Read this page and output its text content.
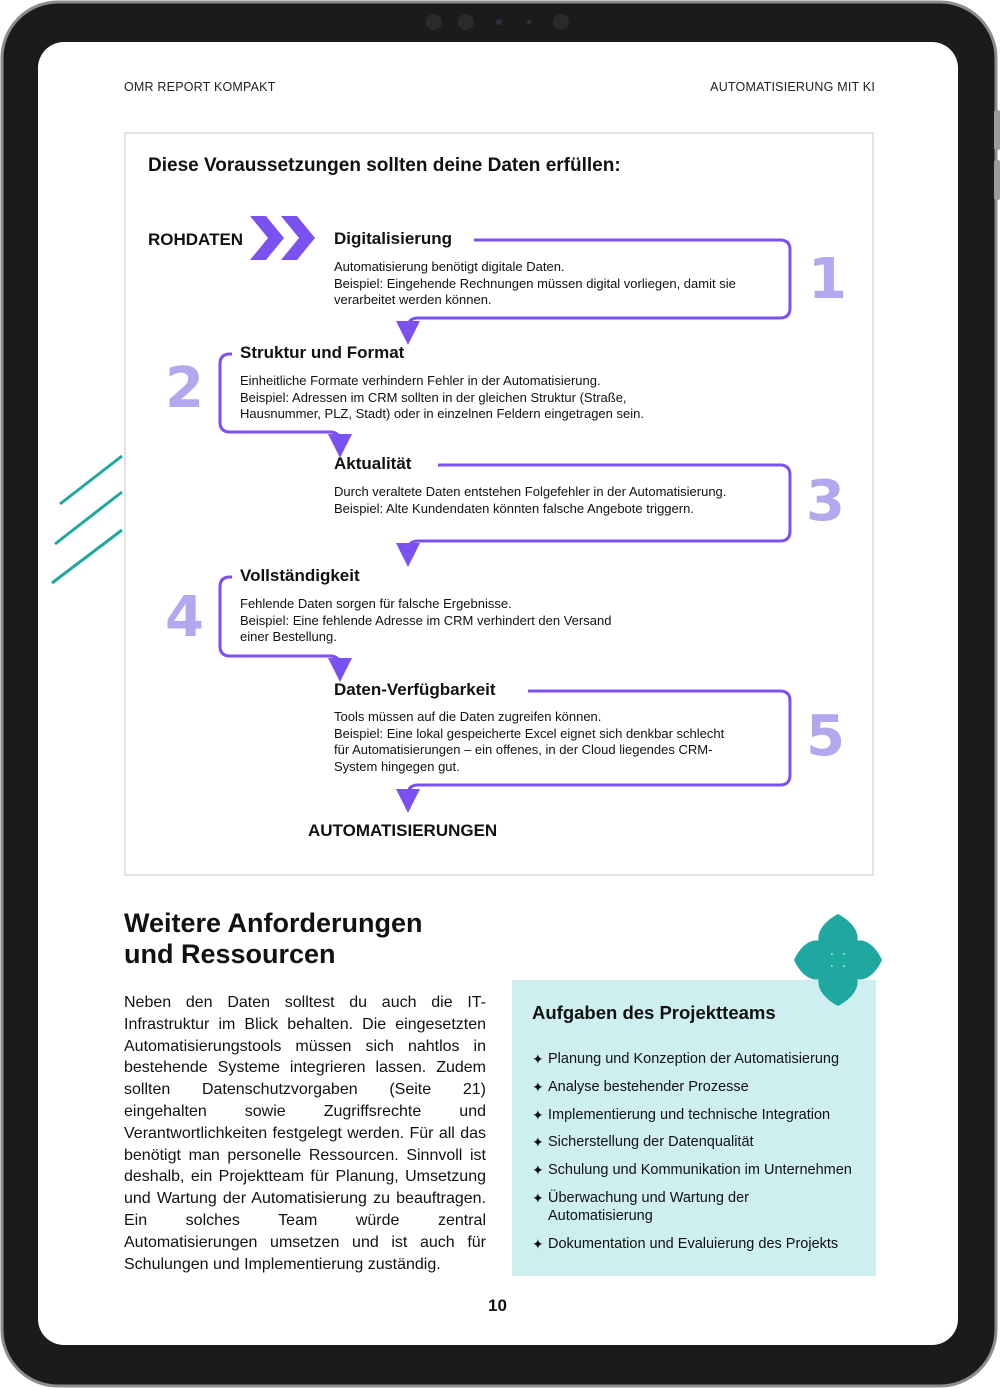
OMR REPORT KOMPAKT	AUTOMATISIERUNG MIT KI
Diese Voraussetzungen sollten deine Daten erfüllen:
ROHDATEN	Digitalisierung
Automatisierung benötigt digitale Daten.
Beispiel: Eingehende Rechnungen müssen digital vorliegen, damit sie
verarbeitet werden können.	1
Struktur und Format
Einheitliche Formate verhindern Fehler in der Automatisierung.
Beispiel: Adressen im CRM sollten in der gleichen Struktur (Straße,
Hausnummer, PLZ, Stadt) oder in einzelnen Feldern eingetragen sein.
2
Aktualität
Durch veraltete Daten entstehen Folgefehler in der Automatisierung.
Beispiel: Alte Kundendaten könnten falsche Angebote triggern.	3
Vollständigkeit
Fehlende Daten sorgen für falsche Ergebnisse.
Beispiel: Eine fehlende Adresse im CRM verhindert den Versand
einer Bestellung.
4
Daten-Verfügbarkeit
Tools müssen auf die Daten zugreifen können.
Beispiel: Eine lokal gespeicherte Excel eignet sich denkbar schlecht
für Automatisierungen – ein offenes, in der Cloud liegendes CRM-
System hingegen gut.	5
AUTOMATISIERUNGEN
Weitere Anforderungen
und Ressourcen
Neben den Daten solltest du auch die IT-Infrastruktur im Blick behalten. Die eingesetzten Automatisierungstools müssen sich nahtlos in bestehende Systeme integrieren lassen. Zudem sollten Datenschutzvorgaben (Seite 21) eingehalten sowie Zugriffsrechte und Verantwortlichkeiten festgelegt werden. Für all das benötigt man personelle Ressourcen. Sinnvoll ist deshalb, ein Projektteam für Planung, Umsetzung und Wartung der Automatisierung zu beauftragen. Ein solches Team würde zentral Automatisierungen umsetzen und ist auch für Schulungen und Implementierung zuständig.
Aufgaben des Projektteams
✦ Planung und Konzeption der Automatisierung
✦ Analyse bestehender Prozesse
✦ Implementierung und technische Integration
✦ Sicherstellung der Datenqualität
✦ Schulung und Kommunikation im Unternehmen
✦ Überwachung und Wartung der Automatisierung
✦ Dokumentation und Evaluierung des Projekts
10
